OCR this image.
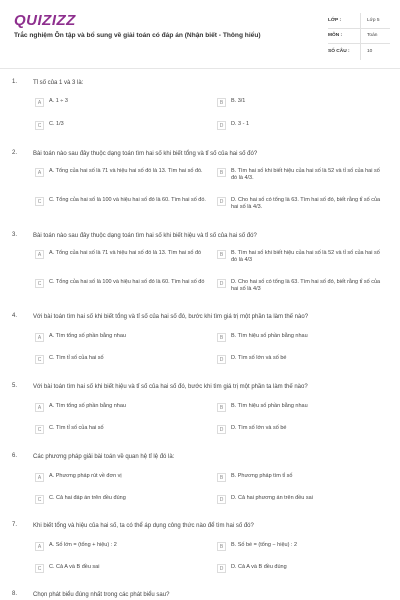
QUIZIZZ
Trắc nghiệm Ôn tập và bổ sung về giải toán có đáp án (Nhận biết - Thông hiểu)
LỚP :	Lớp 5
MÔN :	Toán
SỐ CÂU :	10
1.	Tỉ số của 1 và 3 là:
A	A. 1 ÷ 3	B	B. 3/1
C	C. 1/3	D	D. 3 - 1
2.	Bài toán nào sau đây thuộc dạng toán tìm hai số khi biết tổng và tỉ số của hai số đó?
A	A. Tổng của hai số là 71 và hiệu hai số đó là 13. Tìm hai số đó.	B	B. Tìm hai số khi biết hiệu của hai số là 52 và tỉ số của hai số đó là 4/3.
C	C. Tổng của hai số là 100 và hiệu hai số đó là 60. Tìm hai số đó.	D	D. Cho hai số có tổng là 63. Tìm hai số đó, biết rằng tỉ số của hai số là 4/3.
3.	Bài toán nào sau đây thuộc dạng toán tìm hai số khi biết hiệu và tỉ số của hai số đó?
A	A. Tổng của hai số là 71 và hiệu hai số đó là 13. Tìm hai số đó	B	B. Tìm hai số khi biết hiệu của hai số là 52 và tỉ số của hai số đó là 4/3
C	C. Tổng của hai số là 100 và hiệu hai số đó là 60. Tìm hai số đó	D	D. Cho hai số có tổng là 63. Tìm hai số đó, biết rằng tỉ số của hai số là 4/3
4.	Với bài toán tìm hai số khi biết tổng và tỉ số của hai số đó, bước khi tìm giá trị một phần ta làm thế nào?
A	A. Tìm tổng số phần bằng nhau	B	B. Tìm hiệu số phần bằng nhau
C	C. Tìm tỉ số của hai số	D	D. Tìm số lớn và số bé
5.	Với bài toán tìm hai số khi biết hiệu và tỉ số của hai số đó, bước khi tìm giá trị một phần ta làm thế nào?
A	A. Tìm tổng số phần bằng nhau	B	B. Tìm hiệu số phần bằng nhau
C	C. Tìm tỉ số của hai số	D	D. Tìm số lớn và số bé
6.	Các phương pháp giải bài toán về quan hệ tỉ lệ đó là:
A	A. Phương pháp rút về đơn vị	B	B. Phương pháp tìm tỉ số
C	C. Cả hai đáp án trên đều đúng	D	D. Cả hai phương án trên đều sai
7.	Khi biết tổng và hiệu của hai số, ta có thể áp dụng công thức nào để tìm hai số đó?
A	A. Số lớn = (tổng + hiệu) : 2	B	B. Số bé = (tổng − hiệu) : 2
C	C. Cả A và B đều sai	D	D. Cả A và B đều đúng
8.	Chọn phát biểu đúng nhất trong các phát biểu sau?
